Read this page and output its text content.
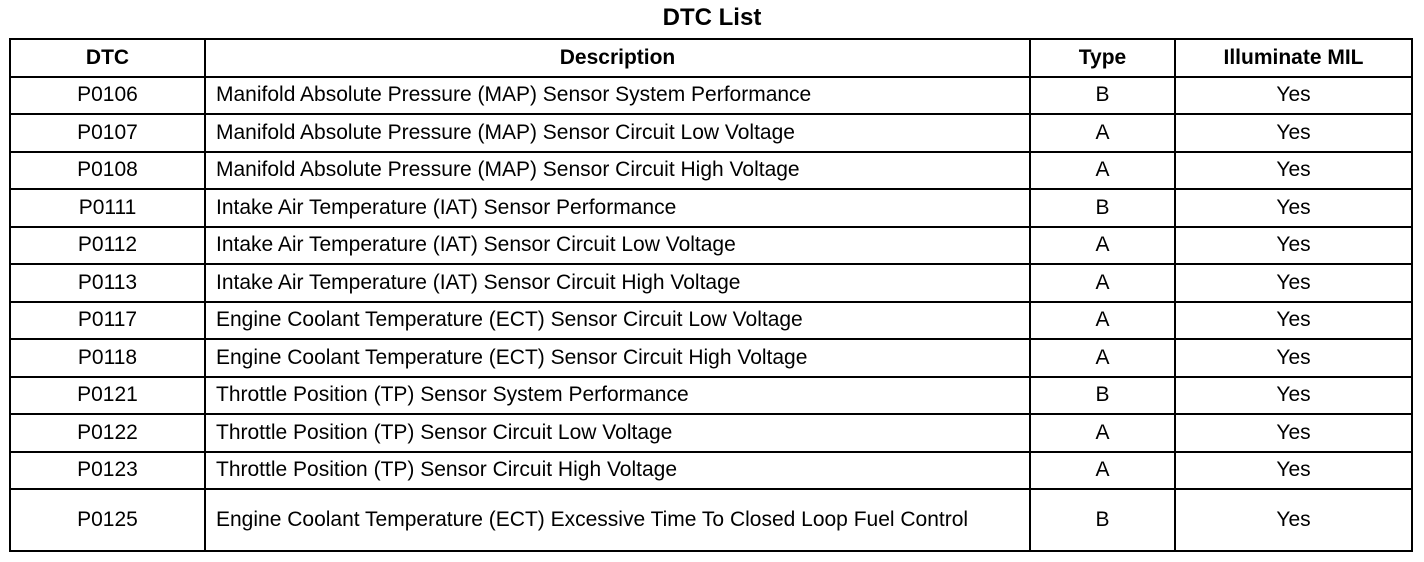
DTC List
DTC	Description	Type	Illuminate MIL
P0106	Manifold Absolute Pressure (MAP) Sensor System Performance	B	Yes
P0107	Manifold Absolute Pressure (MAP) Sensor Circuit Low Voltage	A	Yes
P0108	Manifold Absolute Pressure (MAP) Sensor Circuit High Voltage	A	Yes
P0111	Intake Air Temperature (IAT) Sensor Performance	B	Yes
P0112	Intake Air Temperature (IAT) Sensor Circuit Low Voltage	A	Yes
P0113	Intake Air Temperature (IAT) Sensor Circuit High Voltage	A	Yes
P0117	Engine Coolant Temperature (ECT) Sensor Circuit Low Voltage	A	Yes
P0118	Engine Coolant Temperature (ECT) Sensor Circuit High Voltage	A	Yes
P0121	Throttle Position (TP) Sensor System Performance	B	Yes
P0122	Throttle Position (TP) Sensor Circuit Low Voltage	A	Yes
P0123	Throttle Position (TP) Sensor Circuit High Voltage	A	Yes
P0125	Engine Coolant Temperature (ECT) Excessive Time To Closed Loop Fuel Control	B	Yes
